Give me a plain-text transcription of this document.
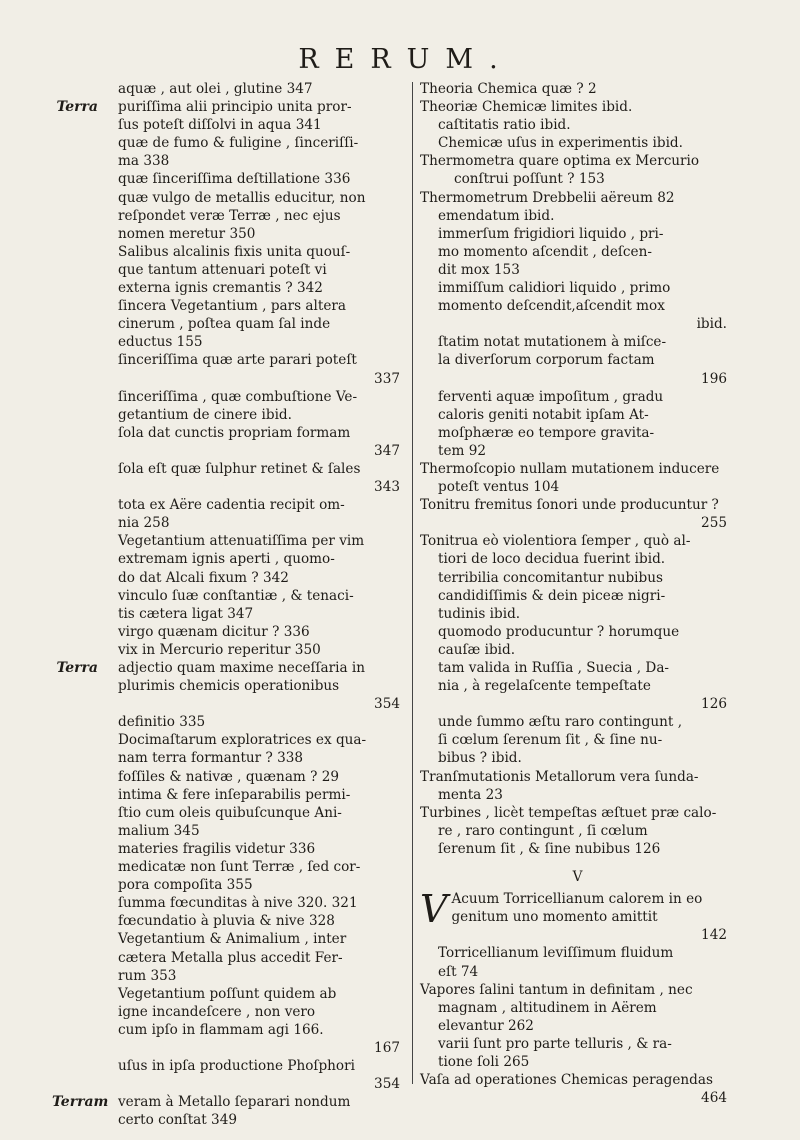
RERUM.
aquæ , aut olei , glutine 347
Terra puriſſima alii principio unita pror-
ſus poteſt diſſolvi in aqua 341
quæ de fumo & fuligine , ſinceriſſi-
ma 338
quæ ſinceriſſima deſtillatione 336
quæ vulgo de metallis educitur, non
reſpondet veræ Terræ , nec ejus
nomen meretur 350
Salibus alcalinis fixis unita quouſ-
que tantum attenuari poteſt vi
externa ignis cremantis ? 342
ſincera Vegetantium , pars altera
cinerum , poſtea quam ſal inde
eductus 155
ſinceriſſima quæ arte parari poteſt
337
ſinceriſſima , quæ combuſtione Ve-
getantium de cinere ibid.
ſola dat cunctis propriam formam
347
ſola eſt quæ ſulphur retinet & ſales
343
tota ex Aëre cadentia recipit om-
nia 258
Vegetantium attenuatiſſima per vim
extremam ignis aperti , quomo-
do dat Alcali fixum ? 342
vinculo ſuæ conſtantiæ , & tenaci-
tis cætera ligat 347
virgo quænam dicitur ? 336
vix in Mercurio reperitur 350
Terra adjectio quam maxime neceſſaria in
plurimis chemicis operationibus
354
definitio 335
Docimaſtarum exploratrices ex qua-
nam terra formantur ? 338
foſſiles & nativæ , quænam ? 29
intima & fere inſeparabilis permi-
ſtio cum oleis quibuſcunque Ani-
malium 345
materies fragilis videtur 336
medicatæ non ſunt Terræ , ſed cor-
pora compoſita 355
ſumma fœcunditas à nive 320. 321
fœcundatio à pluvia & nive 328
Vegetantium & Animalium , inter
cætera Metalla plus accedit Fer-
rum 353
Vegetantium poſſunt quidem ab
igne incandeſcere , non vero
cum ipſo in flammam agi 166.
167
uſus in ipſa productione Phoſphori
354
Terram veram à Metallo ſeparari nondum
certo conſtat 349
Theoria Chemica quæ ? 2
Theoriæ Chemicæ limites ibid.
caſtitatis ratio ibid.
Chemicæ uſus in experimentis ibid.
Thermometra quare optima ex Mercurio
conſtrui poſſunt ? 153
Thermometrum Drebbelii aëreum 82
emendatum ibid.
immerſum frigidiori liquido , pri-
mo momento aſcendit , deſcen-
dit mox 153
immiſſum calidiori liquido , primo
momento deſcendit,aſcendit mox
ibid.
ſtatim notat mutationem à miſce-
la diverſorum corporum factam
196
ferventi aquæ impoſitum , gradu
caloris geniti notabit ipſam At-
moſphæræ eo tempore gravita-
tem 92
Thermoſcopio nullam mutationem inducere
poteſt ventus 104
Tonitru fremitus ſonori unde producuntur ?
255
Tonitrua eò violentiora ſemper , quò al-
tiori de loco decidua fuerint ibid.
terribilia concomitantur nubibus
candidiſſimis & dein piceæ nigri-
tudinis ibid.
quomodo producuntur ? horumque
cauſæ ibid.
tam valida in Ruſſia , Suecia , Da-
nia , à regelaſcente tempeſtate
126
unde ſummo æſtu raro contingunt ,
ſi cœlum ſerenum ſit , & ſine nu-
bibus ? ibid.
Tranſmutationis Metallorum vera ſunda-
menta 23
Turbines , licèt tempeſtas æſtuet præ calo-
re , raro contingunt , ſi cœlum
ſerenum ſit , & ſine nubibus 126
V
V Acuum Torricellianum calorem in eo
genitum uno momento amittit
142
Torricellianum leviſſimum fluidum
eſt 74
Vapores ſalini tantum in definitam , nec
magnam , altitudinem in Aërem
elevantur 262
varii ſunt pro parte telluris , & ra-
tione ſoli 265
Vaſa ad operationes Chemicas peragendas
464
